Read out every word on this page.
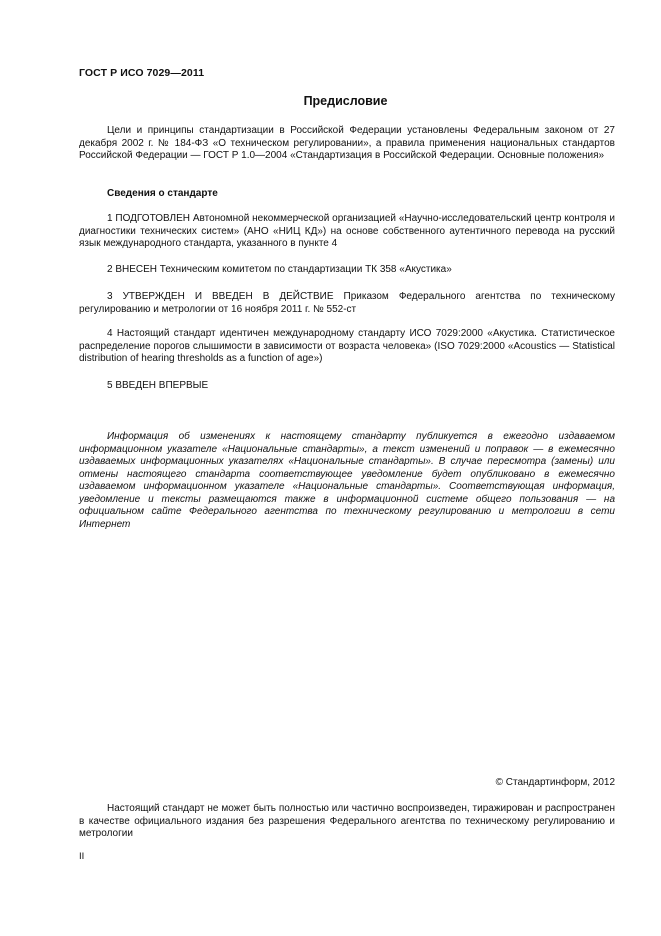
ГОСТ Р ИСО 7029—2011
Предисловие
Цели и принципы стандартизации в Российской Федерации установлены Федеральным законом от 27 декабря 2002 г. № 184-ФЗ «О техническом регулировании», а правила применения национальных стандартов Российской Федерации — ГОСТ Р 1.0—2004 «Стандартизация в Российской Федерации. Основные положения»
Сведения о стандарте
1 ПОДГОТОВЛЕН Автономной некоммерческой организацией «Научно-исследовательский центр контроля и диагностики технических систем» (АНО «НИЦ КД») на основе собственного аутентичного перевода на русский язык международного стандарта, указанного в пункте 4
2 ВНЕСЕН Техническим комитетом по стандартизации ТК 358 «Акустика»
3 УТВЕРЖДЕН И ВВЕДЕН В ДЕЙСТВИЕ Приказом Федерального агентства по техническому регулированию и метрологии от 16 ноября 2011 г. № 552-ст
4 Настоящий стандарт идентичен международному стандарту ИСО 7029:2000 «Акустика. Статистическое распределение порогов слышимости в зависимости от возраста человека» (ISO 7029:2000 «Acoustics — Statistical distribution of hearing thresholds as a function of age»)
5 ВВЕДЕН ВПЕРВЫЕ
Информация об изменениях к настоящему стандарту публикуется в ежегодно издаваемом информационном указателе «Национальные стандарты», а текст изменений и поправок — в ежемесячно издаваемых информационных указателях «Национальные стандарты». В случае пересмотра (замены) или отмены настоящего стандарта соответствующее уведомление будет опубликовано в ежемесячно издаваемом информационном указателе «Национальные стандарты». Соответствующая информация, уведомление и тексты размещаются также в информационной системе общего пользования — на официальном сайте Федерального агентства по техническому регулированию и метрологии в сети Интернет
© Стандартинформ, 2012
Настоящий стандарт не может быть полностью или частично воспроизведен, тиражирован и распространен в качестве официального издания без разрешения Федерального агентства по техническому регулированию и метрологии
II
